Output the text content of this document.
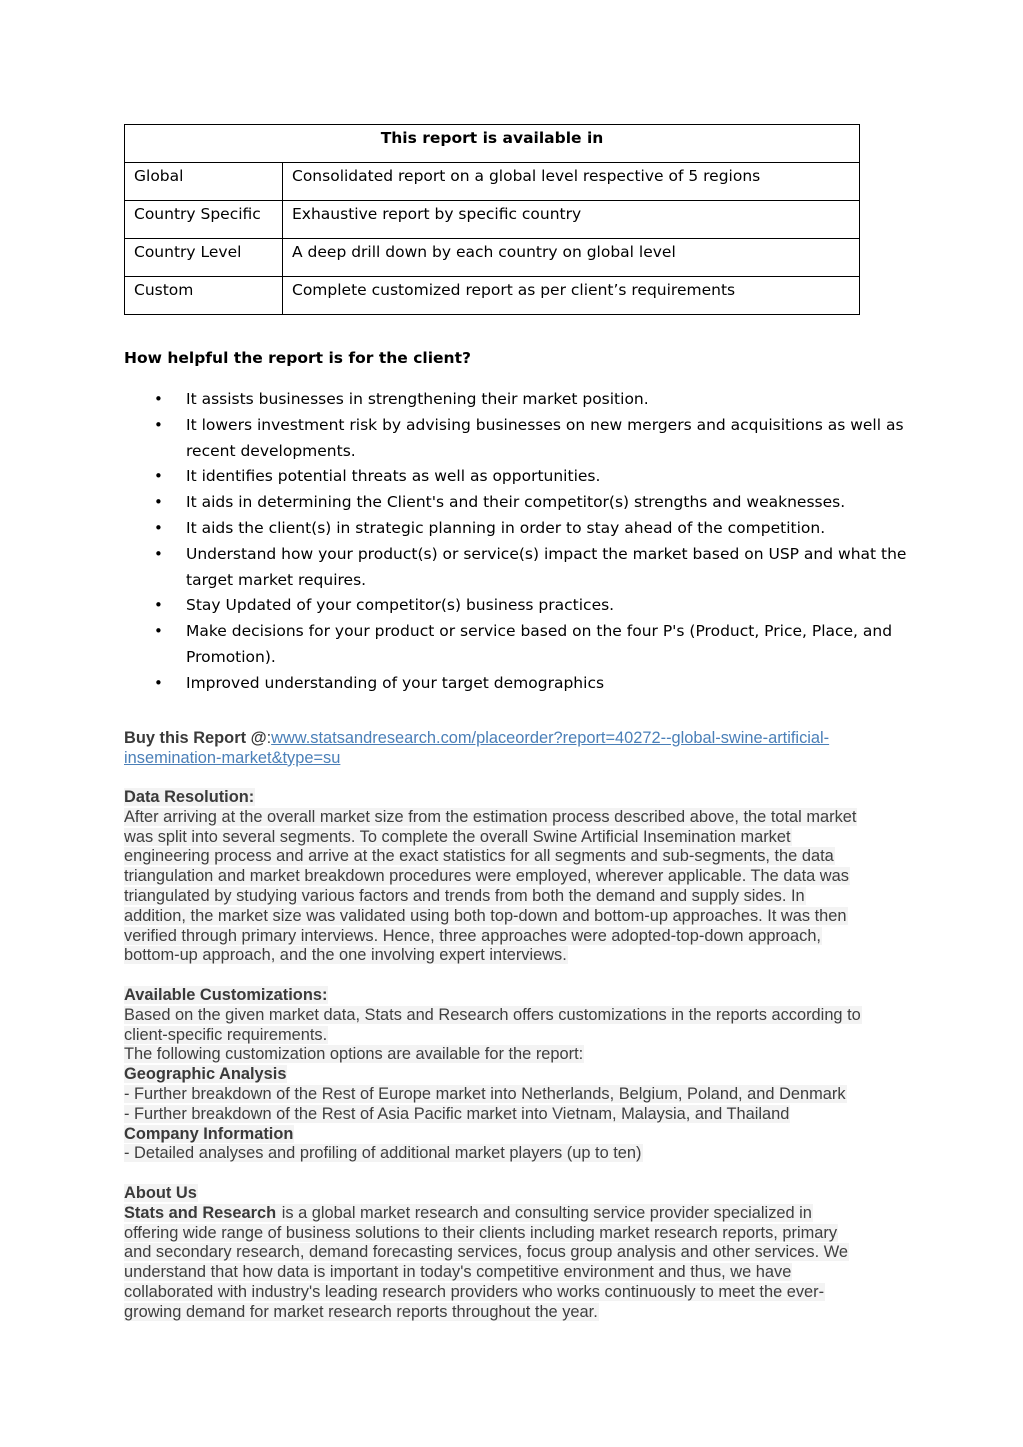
This report is available in	
Global	Consolidated report on a global level respective of 5 regions
Country Specific	Exhaustive report by specific country
Country Level	A deep drill down by each country on global level
Custom	Complete customized report as per client’s requirements

How helpful the report is for the client?

• It assists businesses in strengthening their market position.
• It lowers investment risk by advising businesses on new mergers and acquisitions as well as recent developments.
• It identifies potential threats as well as opportunities.
• It aids in determining the Client's and their competitor(s) strengths and weaknesses.
• It aids the client(s) in strategic planning in order to stay ahead of the competition.
• Understand how your product(s) or service(s) impact the market based on USP and what the target market requires.
• Stay Updated of your competitor(s) business practices.
• Make decisions for your product or service based on the four P's (Product, Price, Place, and Promotion).
• Improved understanding of your target demographics
Buy this Report @:www.statsandresearch.com/placeorder?report=40272--global-swine-artificial-
insemination-market&type=su
Data Resolution:
After arriving at the overall market size from the estimation process described above, the total market
was split into several segments. To complete the overall Swine Artificial Insemination market
engineering process and arrive at the exact statistics for all segments and sub-segments, the data
triangulation and market breakdown procedures were employed, wherever applicable. The data was
triangulated by studying various factors and trends from both the demand and supply sides. In
addition, the market size was validated using both top-down and bottom-up approaches. It was then
verified through primary interviews. Hence, three approaches were adopted-top-down approach,
bottom-up approach, and the one involving expert interviews.
Available Customizations:
Based on the given market data, Stats and Research offers customizations in the reports according to
client-specific requirements.
The following customization options are available for the report:
Geographic Analysis
- Further breakdown of the Rest of Europe market into Netherlands, Belgium, Poland, and Denmark
- Further breakdown of the Rest of Asia Pacific market into Vietnam, Malaysia, and Thailand
Company Information
- Detailed analyses and profiling of additional market players (up to ten)
About Us
Stats and Research is a global market research and consulting service provider specialized in
offering wide range of business solutions to their clients including market research reports, primary
and secondary research, demand forecasting services, focus group analysis and other services. We
understand that how data is important in today's competitive environment and thus, we have
collaborated with industry's leading research providers who works continuously to meet the ever-
growing demand for market research reports throughout the year.
